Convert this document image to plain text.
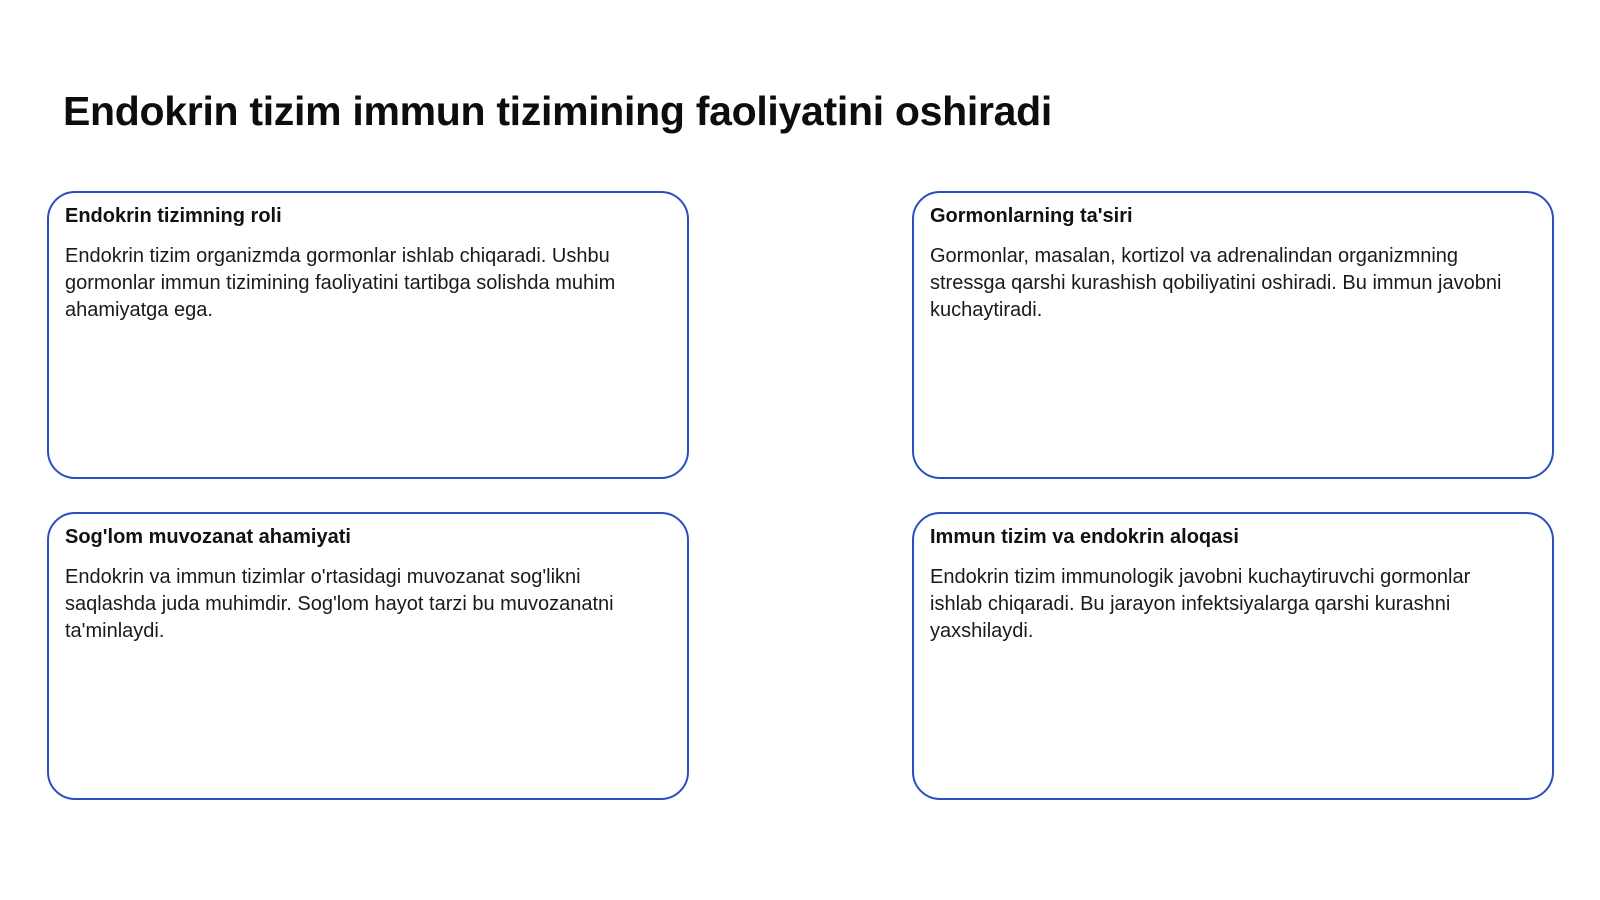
Endokrin tizim immun tizimining faoliyatini oshiradi
Endokrin tizimning roli

Endokrin tizim organizmda gormonlar ishlab chiqaradi. Ushbu gormonlar immun tizimining faoliyatini tartibga solishda muhim ahamiyatga ega.

Gormonlarning ta'siri

Gormonlar, masalan, kortizol va adrenalindan organizmning stressga qarshi kurashish qobiliyatini oshiradi. Bu immun javobni kuchaytiradi.

Sog'lom muvozanat ahamiyati

Endokrin va immun tizimlar o'rtasidagi muvozanat sog'likni saqlashda juda muhimdir. Sog'lom hayot tarzi bu muvozanatni ta'minlaydi.

Immun tizim va endokrin aloqasi

Endokrin tizim immunologik javobni kuchaytiruvchi gormonlar ishlab chiqaradi. Bu jarayon infektsiyalarga qarshi kurashni yaxshilaydi.
